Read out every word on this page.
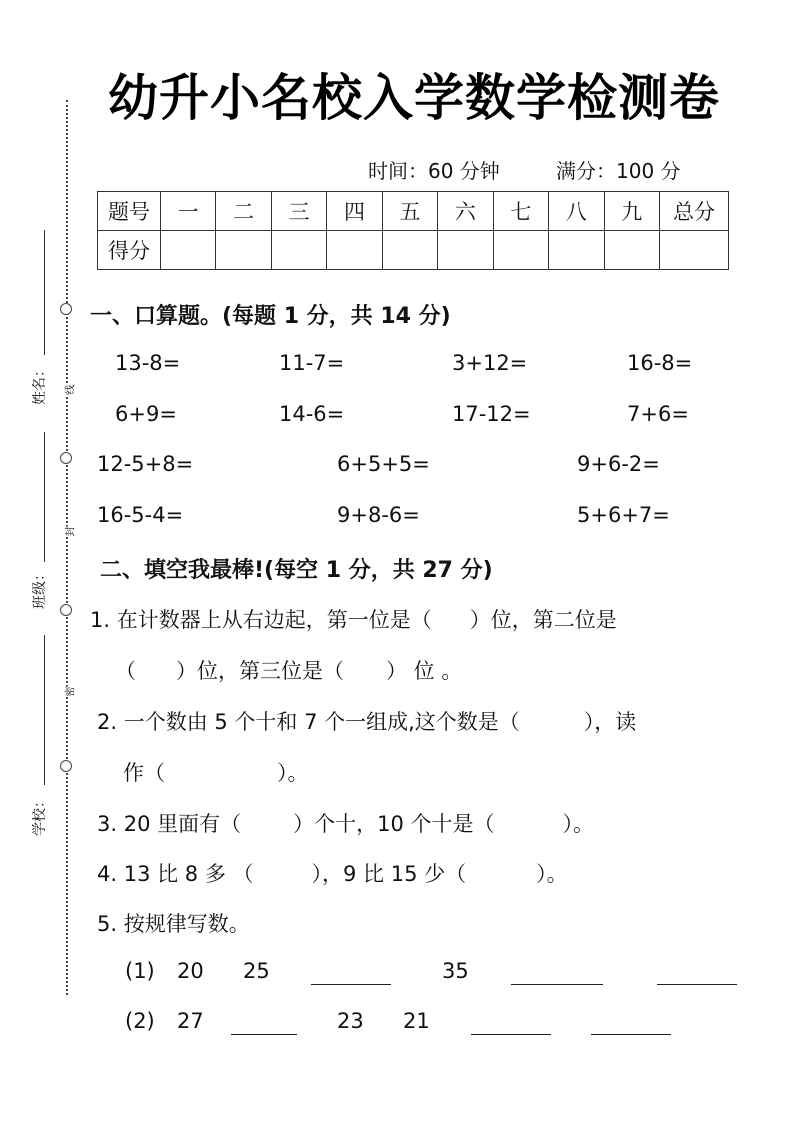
姓名：
班级：
学校：
线
封
密
幼升小名校入学数学检测卷
时间：60 分钟	满分：100 分
题号	一	二	三	四	五	六	七	八	九	总分
得分										
一、口算题。(每题 1 分，共 14 分)
13-8=	11-7=	3+12=	16-8=
6+9=	14-6=	17-12=	7+6=
12-5+8=	6+5+5=	9+6-2=
16-5-4=	9+8-6=	5+6+7=
二、填空我最棒!(每空 1 分，共 27 分)
1. 在计数器上从右边起，第一位是（ ）位，第二位是
（ ）位，第三位是（ ） 位 。
2. 一个数由 5 个十和 7 个一组成,这个数是（	），读
作（	）。
3. 20 里面有（ ）个十，10 个十是（	）。
4. 13 比 8 多 （	），9 比 15 少（	）。
5. 按规律写数。
(1) 20 25	35
(2) 27	23 21
